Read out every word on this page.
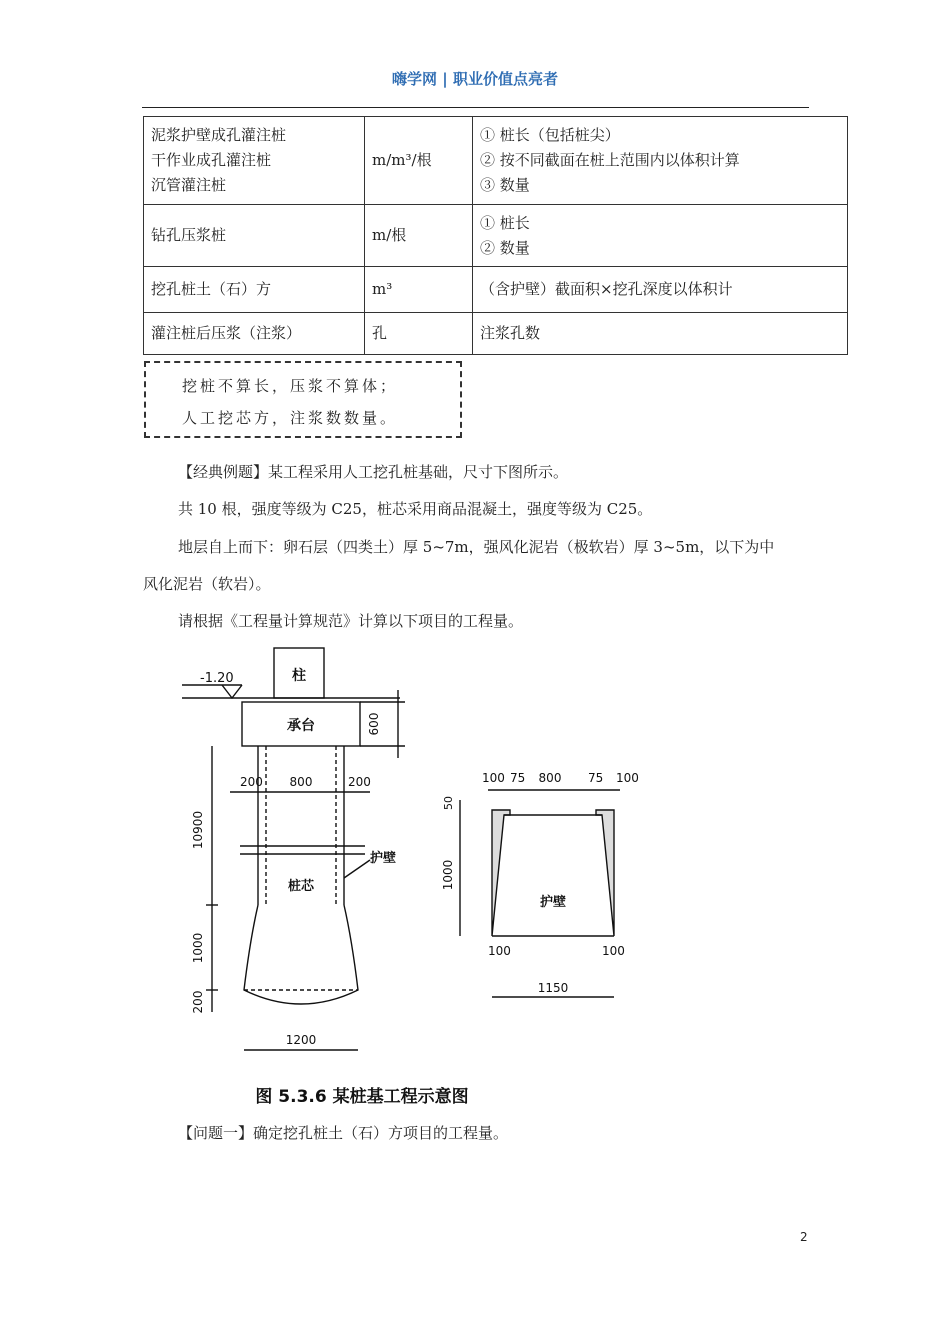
嗨学网 | 职业价值点亮者
泥浆护壁成孔灌注桩
干作业成孔灌注桩
沉管灌注桩	m/m³/根	① 桩长（包括桩尖）
② 按不同截面在桩上范围内以体积计算
③ 数量

钻孔压浆桩	m/根	① 桩长
② 数量

挖孔桩土（石）方	m³	（含护壁）截面积×挖孔深度以体积计
灌注桩后压浆（注浆）	孔	注浆孔数
挖桩不算长，压浆不算体；
人工挖芯方，注浆数数量。
【经典例题】某工程采用人工挖孔桩基础，尺寸下图所示。
共 10 根，强度等级为 C25，桩芯采用商品混凝土，强度等级为 C25。
地层自上而下：卵石层（四类土）厚 5~7m，强风化泥岩（极软岩）厚 3~5m，以下为中
风化泥岩（软岩）。
请根据《工程量计算规范》计算以下项目的工程量。
柱
-1.20
承台	600
200 800	200
护壁
桩芯
10900
1000
200
1200
护壁
100 75 800 75 100
50
1000
100	100
1150
图 5.3.6 某桩基工程示意图
【问题一】确定挖孔桩土（石）方项目的工程量。
2
